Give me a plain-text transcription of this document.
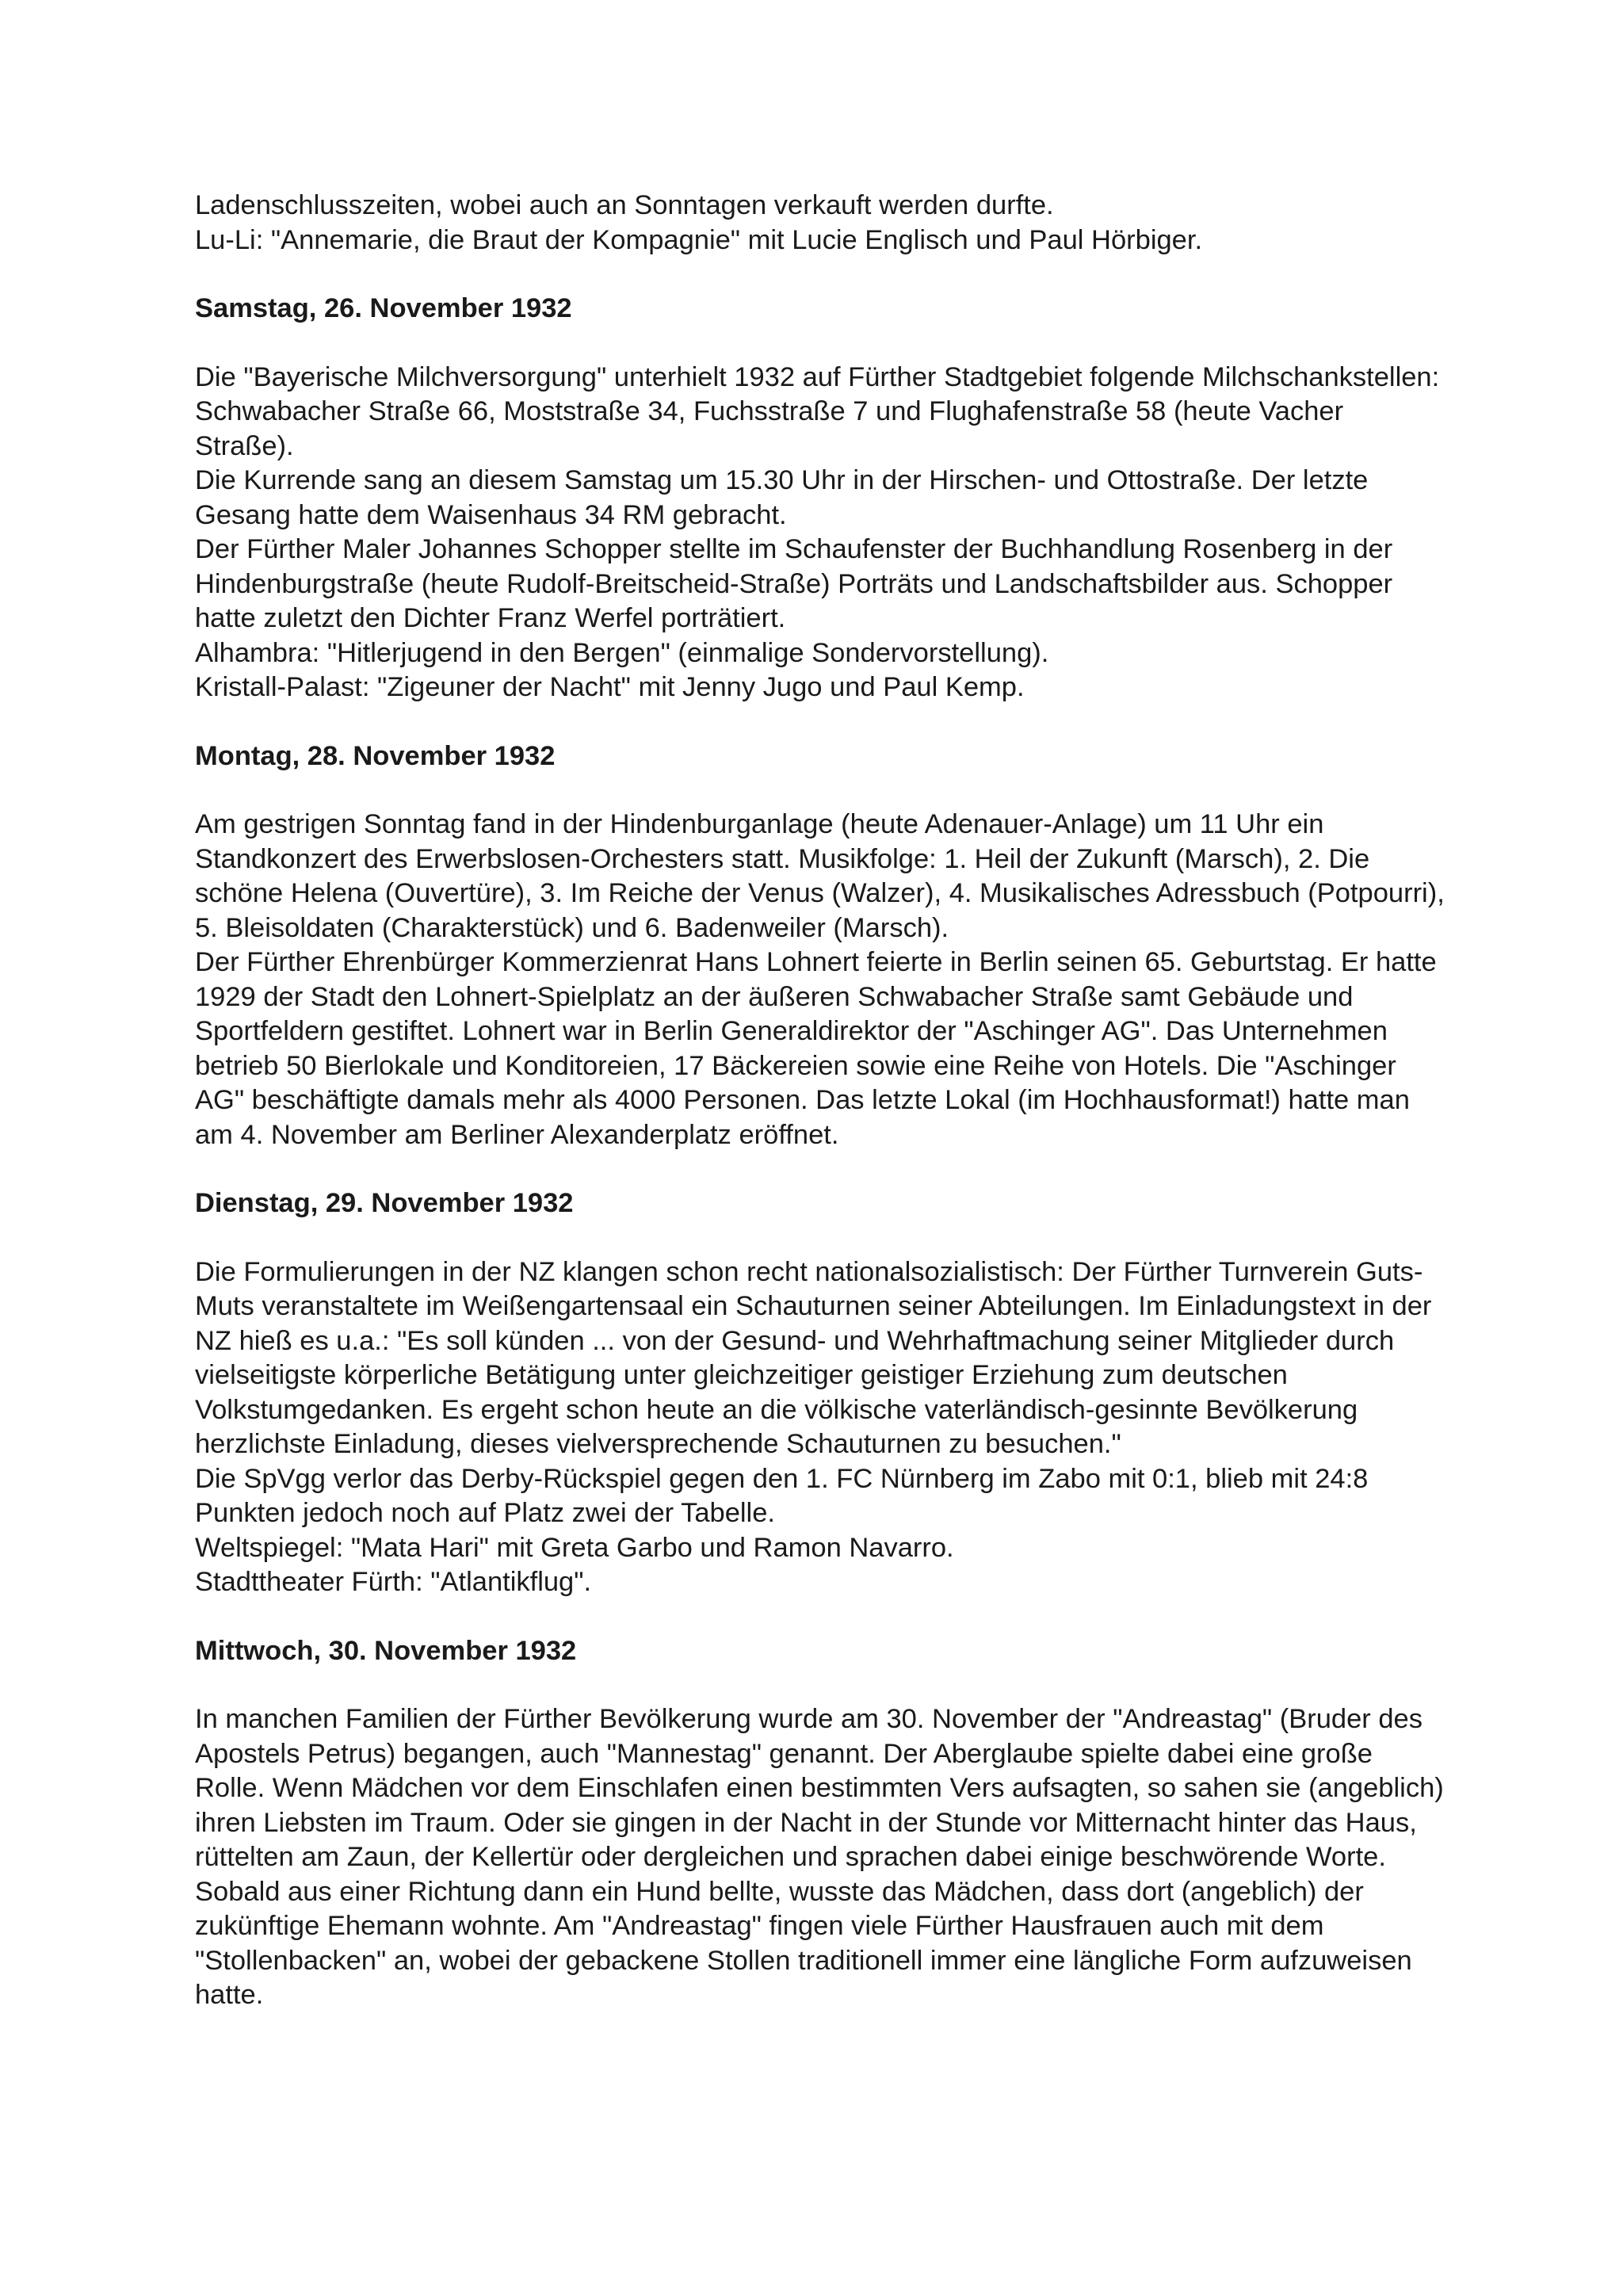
Ladenschlusszeiten, wobei auch an Sonntagen verkauft werden durfte.

Lu-Li: "Annemarie, die Braut der Kompagnie" mit Lucie Englisch und Paul Hörbiger.

Samstag, 26. November 1932

Die "Bayerische Milchversorgung" unterhielt 1932 auf Fürther Stadtgebiet folgende Milchschankstellen: Schwabacher Straße 66, Moststraße 34, Fuchsstraße 7 und Flughafenstraße 58 (heute Vacher Straße).

Die Kurrende sang an diesem Samstag um 15.30 Uhr in der Hirschen- und Ottostraße. Der letzte Gesang hatte dem Waisenhaus 34 RM gebracht.

Der Fürther Maler Johannes Schopper stellte im Schaufenster der Buchhandlung Rosenberg in der Hindenburgstraße (heute Rudolf-Breitscheid-Straße) Porträts und Landschaftsbilder aus. Schopper hatte zuletzt den Dichter Franz Werfel porträtiert.

Alhambra: "Hitlerjugend in den Bergen" (einmalige Sondervorstellung).

Kristall-Palast: "Zigeuner der Nacht" mit Jenny Jugo und Paul Kemp.

Montag, 28. November 1932

Am gestrigen Sonntag fand in der Hindenburganlage (heute Adenauer-Anlage) um 11 Uhr ein Standkonzert des Erwerbslosen-Orchesters statt. Musikfolge: 1. Heil der Zukunft (Marsch), 2. Die schöne Helena (Ouvertüre), 3. Im Reiche der Venus (Walzer), 4. Musikalisches Adressbuch (Potpourri), 5. Bleisoldaten (Charakterstück) und 6. Badenweiler (Marsch).

Der Fürther Ehrenbürger Kommerzienrat Hans Lohnert feierte in Berlin seinen 65. Geburtstag. Er hatte 1929 der Stadt den Lohnert-Spielplatz an der äußeren Schwabacher Straße samt Gebäude und Sportfeldern gestiftet. Lohnert war in Berlin Generaldirektor der "Aschinger AG". Das Unternehmen betrieb 50 Bierlokale und Konditoreien, 17 Bäckereien sowie eine Reihe von Hotels. Die "Aschinger AG" beschäftigte damals mehr als 4000 Personen. Das letzte Lokal (im Hochhausformat!) hatte man am 4. November am Berliner Alexanderplatz eröffnet.

Dienstag, 29. November 1932

Die Formulierungen in der NZ klangen schon recht nationalsozialistisch: Der Fürther Turnverein Guts-Muts veranstaltete im Weißengartensaal ein Schauturnen seiner Abteilungen. Im Einladungstext in der NZ hieß es u.a.: "Es soll künden ... von der Gesund- und Wehrhaftmachung seiner Mitglieder durch vielseitigste körperliche Betätigung unter gleichzeitiger geistiger Erziehung zum deutschen Volkstumgedanken. Es ergeht schon heute an die völkische vaterländisch-gesinnte Bevölkerung herzlichste Einladung, dieses vielversprechende Schauturnen zu besuchen."

Die SpVgg verlor das Derby-Rückspiel gegen den 1. FC Nürnberg im Zabo mit 0:1, blieb mit 24:8 Punkten jedoch noch auf Platz zwei der Tabelle.

Weltspiegel: "Mata Hari" mit Greta Garbo und Ramon Navarro.

Stadttheater Fürth: "Atlantikflug".

Mittwoch, 30. November 1932

In manchen Familien der Fürther Bevölkerung wurde am 30. November der "Andreastag" (Bruder des Apostels Petrus) begangen, auch "Mannestag" genannt. Der Aberglaube spielte dabei eine große Rolle. Wenn Mädchen vor dem Einschlafen einen bestimmten Vers aufsagten, so sahen sie (angeblich) ihren Liebsten im Traum. Oder sie gingen in der Nacht in der Stunde vor Mitternacht hinter das Haus, rüttelten am Zaun, der Kellertür oder dergleichen und sprachen dabei einige beschwörende Worte. Sobald aus einer Richtung dann ein Hund bellte, wusste das Mädchen, dass dort (angeblich) der zukünftige Ehemann wohnte. Am "Andreastag" fingen viele Fürther Hausfrauen auch mit dem "Stollenbacken" an, wobei der gebackene Stollen traditionell immer eine längliche Form aufzuweisen hatte.
